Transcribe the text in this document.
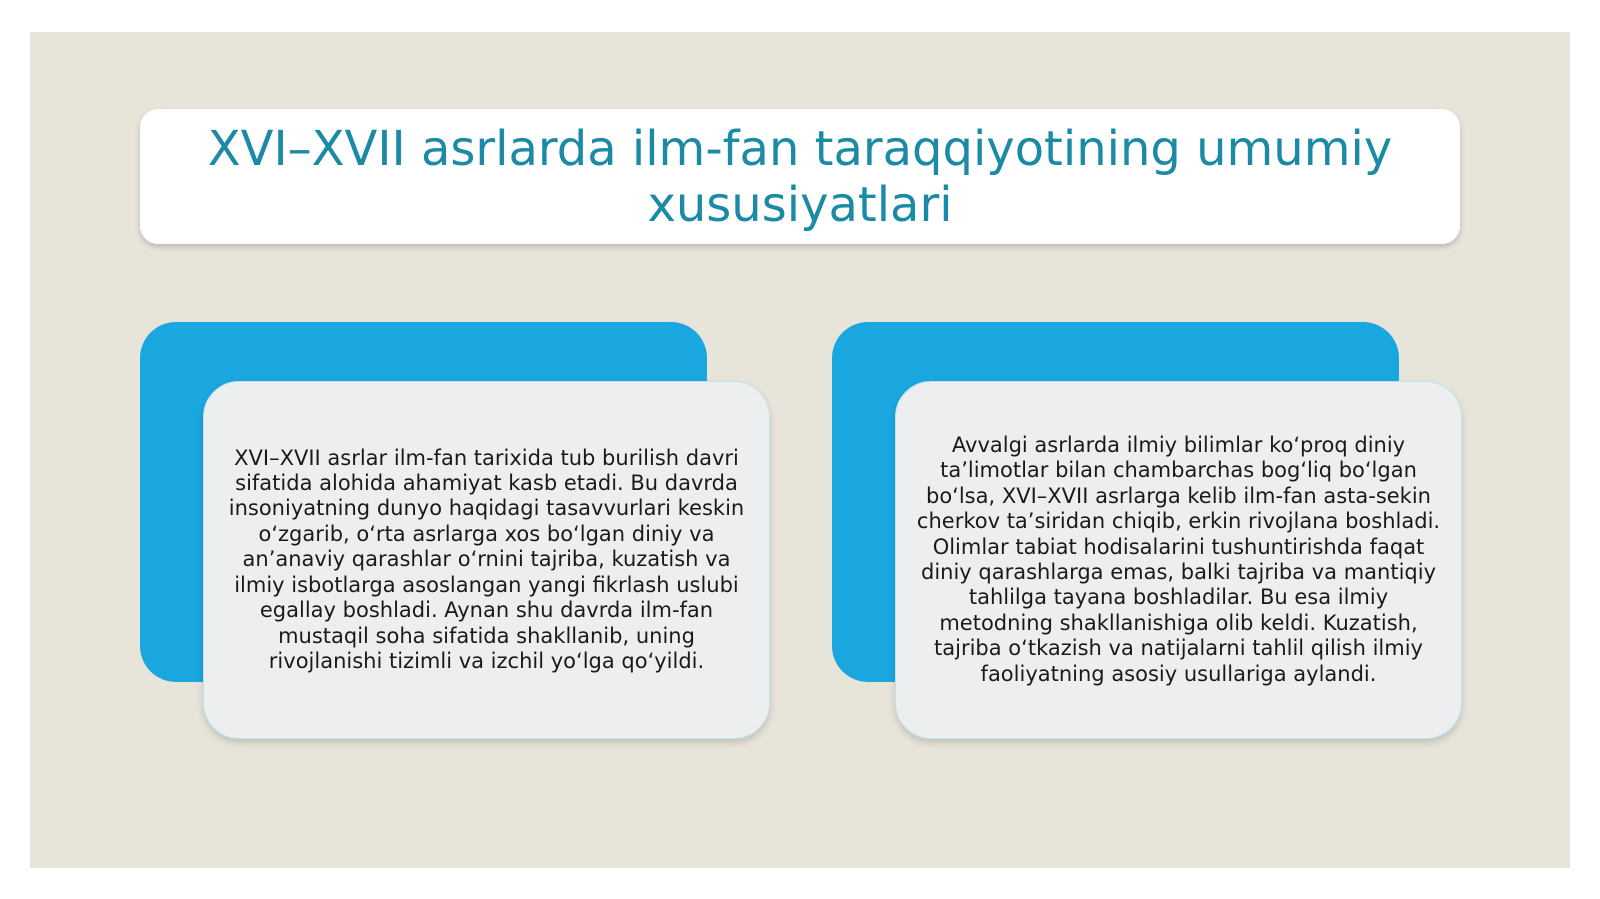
XVI–XVII asrlarda ilm-fan taraqqiyotining umumiy xususiyatlari
XVI–XVII asrlar ilm-fan tarixida tub burilish davri sifatida alohida ahamiyat kasb etadi. Bu davrda insoniyatning dunyo haqidagi tasavvurlari keskin o‘zgarib, o‘rta asrlarga xos bo‘lgan diniy va an’anaviy qarashlar o‘rnini tajriba, kuzatish va ilmiy isbotlarga asoslangan yangi fikrlash uslubi egallay boshladi. Aynan shu davrda ilm-fan mustaqil soha sifatida shakllanib, uning rivojlanishi tizimli va izchil yo‘lga qo‘yildi.
Avvalgi asrlarda ilmiy bilimlar ko‘proq diniy ta’limotlar bilan chambarchas bog‘liq bo‘lgan bo‘lsa, XVI–XVII asrlarga kelib ilm-fan asta-sekin cherkov ta’siridan chiqib, erkin rivojlana boshladi. Olimlar tabiat hodisalarini tushuntirishda faqat diniy qarashlarga emas, balki tajriba va mantiqiy tahlilga tayana boshladilar. Bu esa ilmiy metodning shakllanishiga olib keldi. Kuzatish, tajriba o‘tkazish va natijalarni tahlil qilish ilmiy faoliyatning asosiy usullariga aylandi.
